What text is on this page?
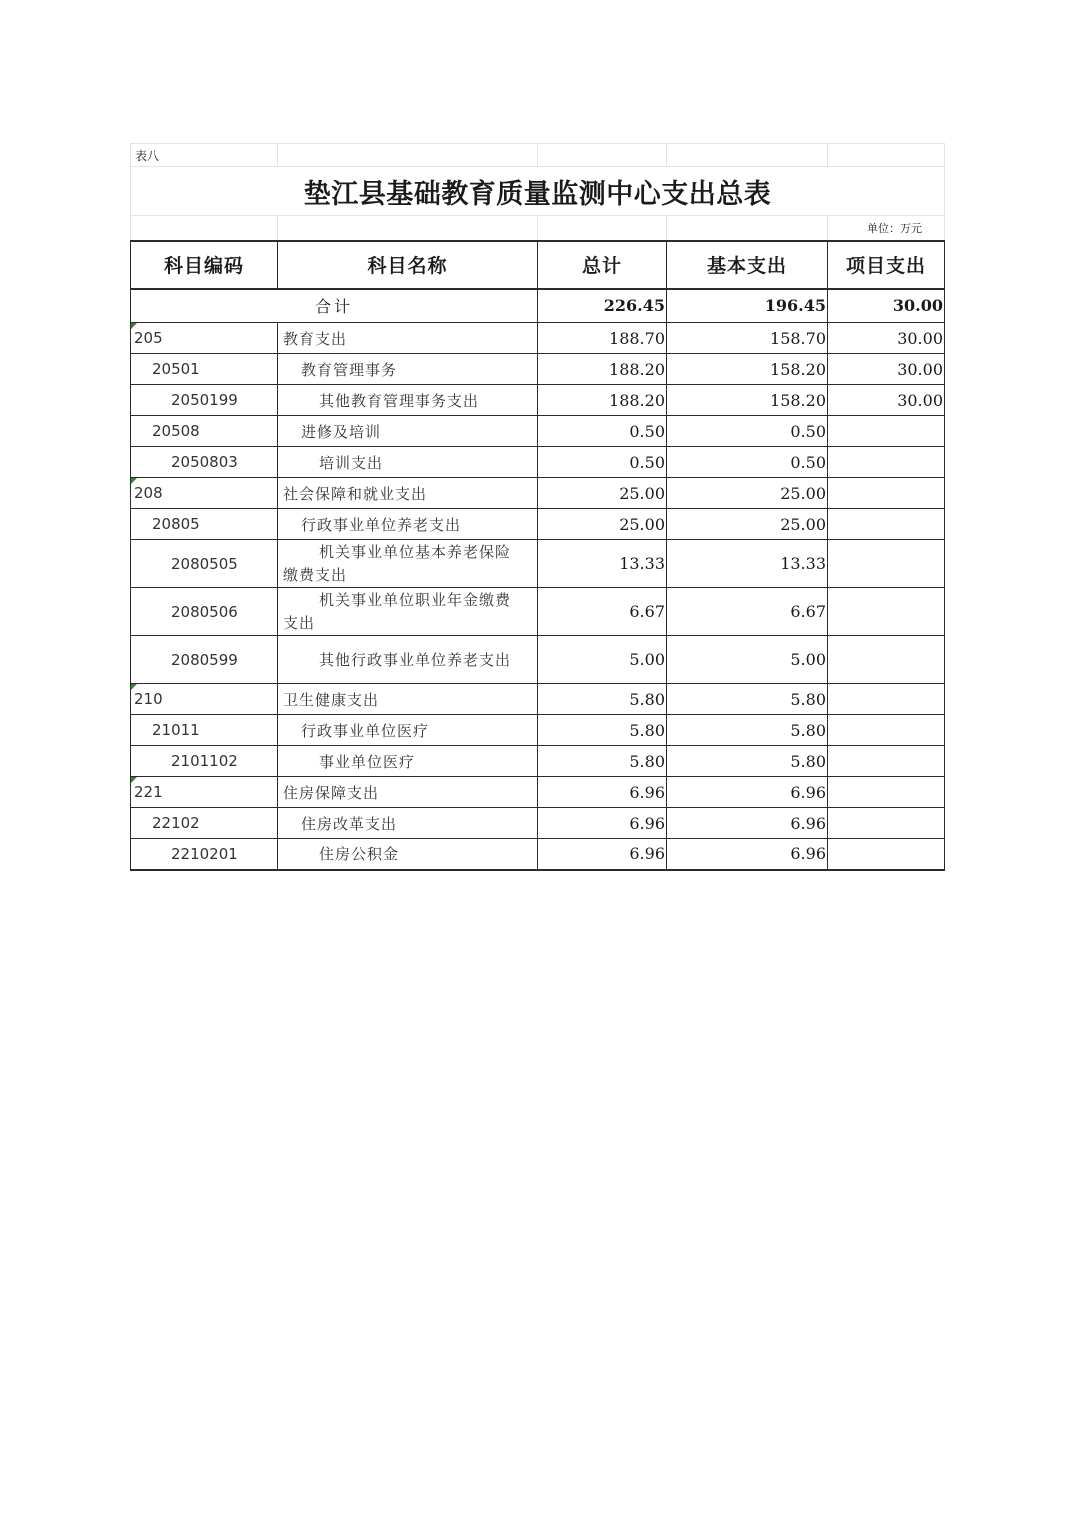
表八				
垫江县基础教育质量监测中心支出总表				
				单位：万元
科目编码	科目名称	总计	基本支出	项目支出
合计		226.45	196.45	30.00

205	教育支出	188.70	158.70	30.00
20501	教育管理事务	188.20	158.20	30.00
2050199	其他教育管理事务支出	188.20	158.20	30.00
20508	进修及培训	0.50	0.50	
2050803	培训支出	0.50	0.50	

208	社会保障和就业支出	25.00	25.00	
20805	行政事业单位养老支出	25.00	25.00	
2080505	机关事业单位基本养老保险缴费支出	13.33	13.33	
2080506	机关事业单位职业年金缴费支出	6.67	6.67	
2080599	其他行政事业单位养老支出	5.00	5.00	

210	卫生健康支出	5.80	5.80	
21011	行政事业单位医疗	5.80	5.80	
2101102	事业单位医疗	5.80	5.80	

221	住房保障支出	6.96	6.96	
22102	住房改革支出	6.96	6.96	
2210201	住房公积金	6.96	6.96	
